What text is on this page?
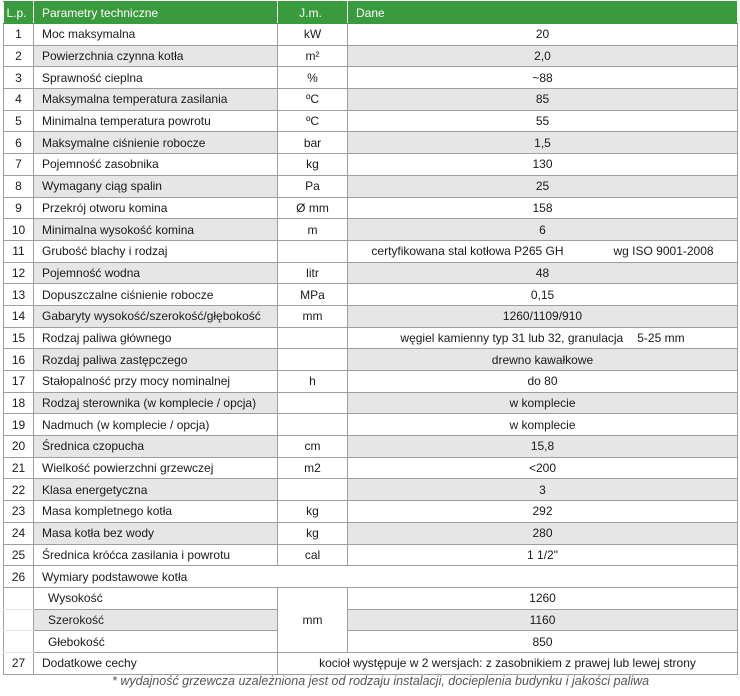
L.p.	Parametry techniczne	J.m.	Dane
1	Moc maksymalna	kW	20
2	Powierzchnia czynna kotła	m²	2,0
3	Sprawność cieplna	%	~88
4	Maksymalna temperatura zasilania	ºC	85
5	Minimalna temperatura powrotu	ºC	55
6	Maksymalne ciśnienie robocze	bar	1,5
7	Pojemność zasobnika	kg	130
8	Wymagany ciąg spalin	Pa	25
9	Przekrój otworu komina	Ø mm	158
10	Minimalna wysokość komina	m	6
11	Grubość blachy i rodzaj		certyfikowana stal kotłowa P265 GH wg ISO 9001-2008
12	Pojemność wodna	litr	48
13	Dopuszczalne ciśnienie robocze	MPa	0,15
14	Gabaryty wysokość/szerokość/głębokość	mm	1260/1109/910
15	Rodzaj paliwa głównego		węgiel kamienny typ 31 lub 32, granulacja 5-25 mm
16	Rozdaj paliwa zastępczego		drewno kawałkowe
17	Stałopalność przy mocy nominalnej	h	do 80
18	Rodzaj sterownika (w komplecie / opcja)		w komplecie
19	Nadmuch (w komplecie / opcja)		w komplecie
20	Średnica czopucha	cm	15,8
21	Wielkość powierzchni grzewczej	m2	<200
22	Klasa energetyczna		3
23	Masa kompletnego kotła	kg	292
24	Masa kotła bez wody	kg	280
25	Średnica króćca zasilania i powrotu	cal	1 1/2"
26	Wymiary podstawowe kotła		
	Wysokość	mm	1260
	Szerokość		1160
	Głebokość		850
27	Dodatkowe cechy	kocioł występuje w 2 wersjach: z zasobnikiem z prawej lub lewej strony	
* wydajność grzewcza uzależniona jest od rodzaju instalacji, docieplenia budynku i jakości paliwa
